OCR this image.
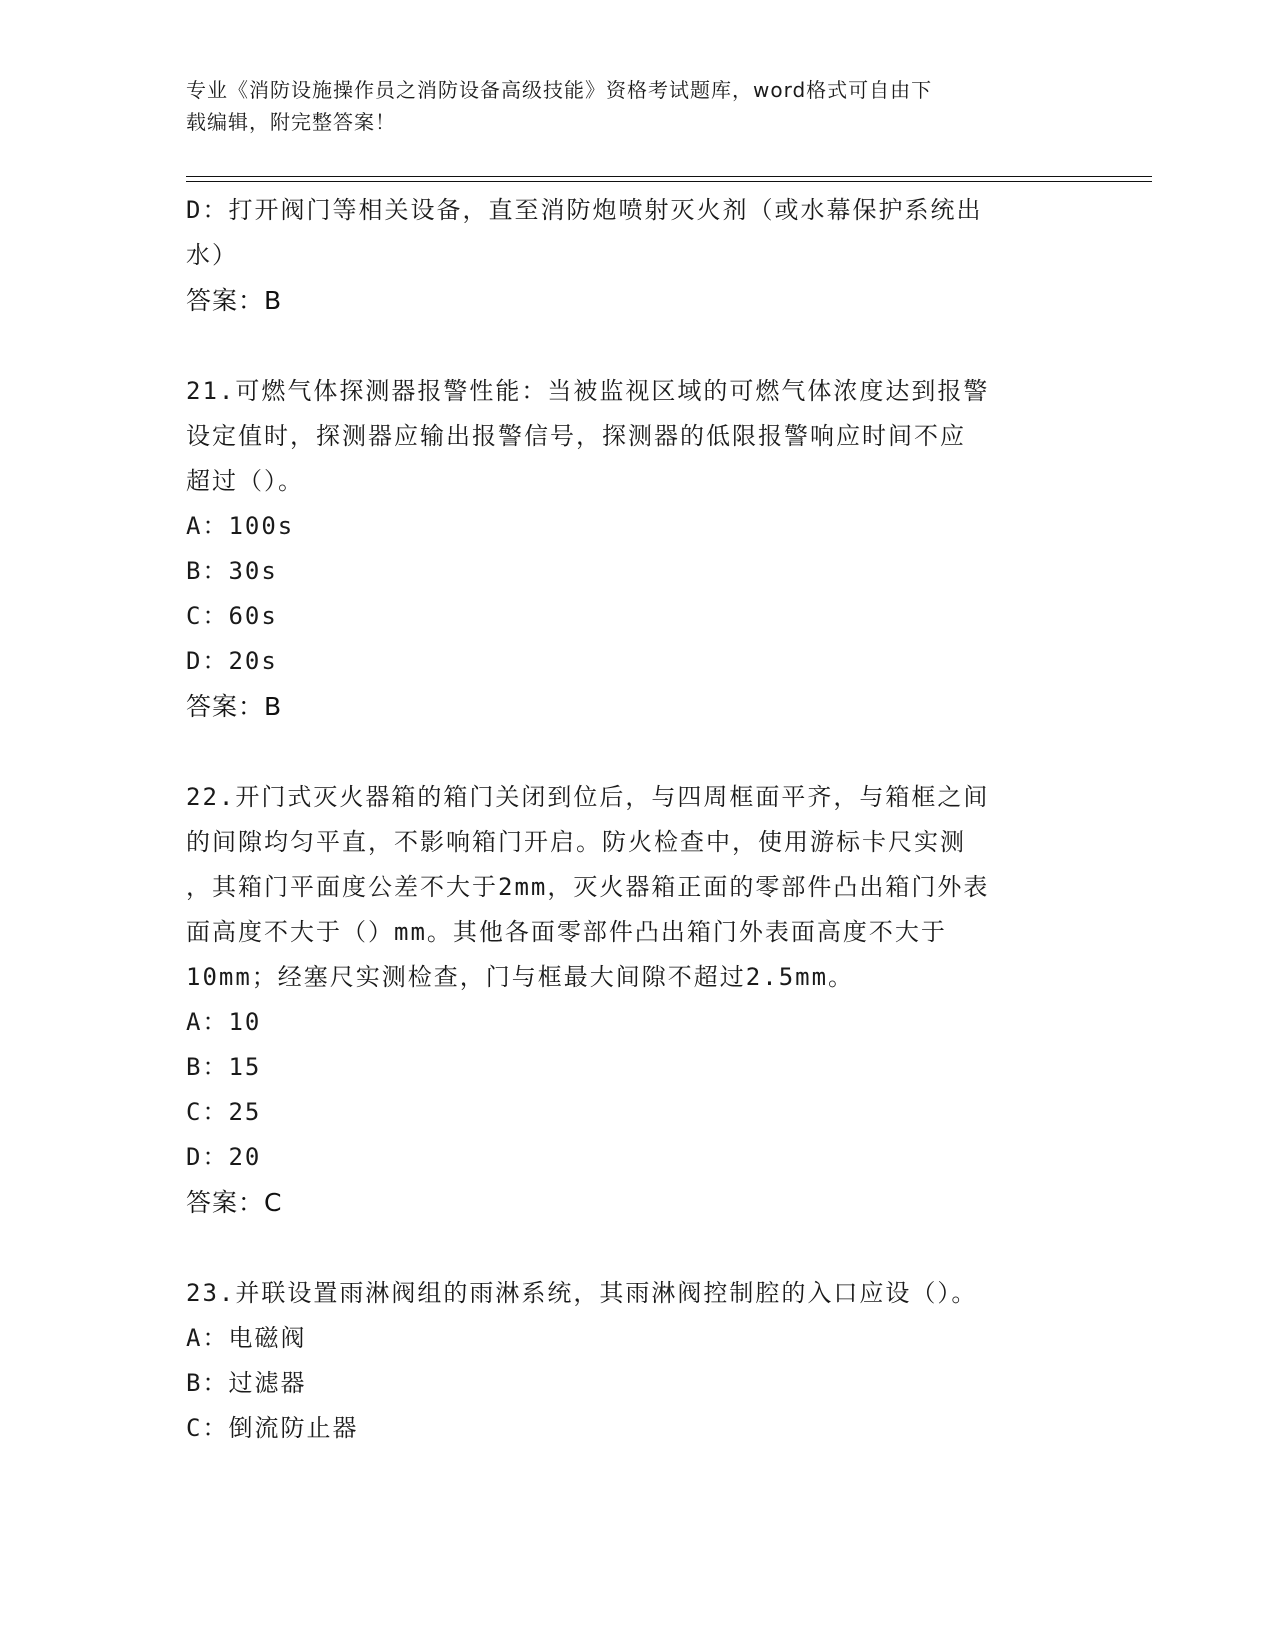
专业《消防设施操作员之消防设备高级技能》资格考试题库，word格式可自由下
载编辑，附完整答案！
D：打开阀门等相关设备，直至消防炮喷射灭火剂（或水幕保护系统出
水）
答案：B
21.可燃气体探测器报警性能：当被监视区域的可燃气体浓度达到报警
设定值时，探测器应输出报警信号，探测器的低限报警响应时间不应
超过（）。
A：100s
B：30s
C：60s
D：20s
答案：B
22.开门式灭火器箱的箱门关闭到位后，与四周框面平齐，与箱框之间
的间隙均匀平直，不影响箱门开启。防火检查中，使用游标卡尺实测
，其箱门平面度公差不大于2mm，灭火器箱正面的零部件凸出箱门外表
面高度不大于（）mm。其他各面零部件凸出箱门外表面高度不大于
10mm；经塞尺实测检查，门与框最大间隙不超过2.5mm。
A：10
B：15
C：25
D：20
答案：C
23.并联设置雨淋阀组的雨淋系统，其雨淋阀控制腔的入口应设（）。
A：电磁阀
B：过滤器
C：倒流防止器
